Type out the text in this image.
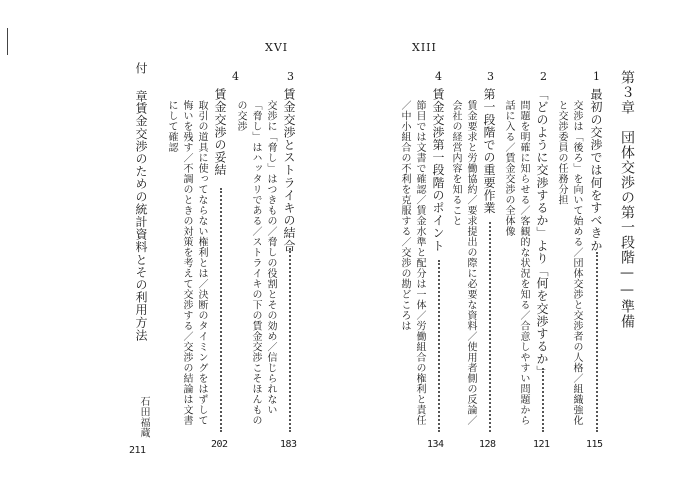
XVI	XIII
第３章　団体交渉の第一段階——準備
1
最初の交渉では何をすべきか
115
交渉は「後ろ」を向いて始める／団体交渉と交渉者の人格／組織強化
と交渉委員の任務分担
2
「どのように交渉するか」より「何を交渉するか」
121
問題を明確に知らせる／客観的な状況を知る／合意しやすい問題から
話に入る／賃金交渉の全体像
3
第一段階での重要作業
128
賃金要求と労働協約／要求提出の際に必要な資料／使用者側の反論／
会社の経営内容を知ること
4
賃金交渉第一段階のポイント
134
節目では文書で確認／賃金水準と配分は一体／労働組合の権利と責任
／中小組合の不利を克服する／交渉の勘どころは
3
賃金交渉とストライキの結合
183
交渉に「脅し」はつきもの／脅しの役割とその効め／信じられない
「脅し」はハッタリである／ストライキの下の賃金交渉こそほんもの
の交渉
4
賃金交渉の妥結
202
取引の道具に使ってならない権利とは／決断のタイミングをはずして
悔いを残す／不調のときの対策を考えて交渉する／交渉の結論は文書
にして確認
付　章
賃金交渉のための統計資料とその利用方法
石田福蔵
211
